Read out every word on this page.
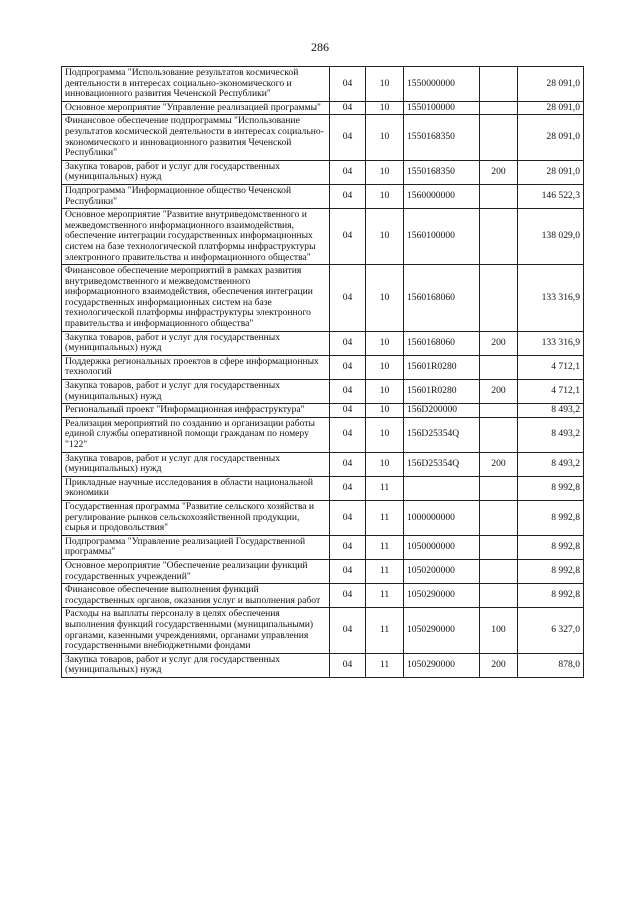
286
Подпрограмма "Использование результатов космической деятельности в интересах социально-экономического и инновационного развития Чеченской Республики"	04	10	1550000000		28 091,0
Основное мероприятие "Управление реализацией программы"	04	10	1550100000		28 091,0
Финансовое обеспечение подпрограммы "Использование результатов космической деятельности в интересах социально-экономического и инновационного развития Чеченской Республики"	04	10	1550168350		28 091,0
Закупка товаров, работ и услуг для государственных (муниципальных) нужд	04	10	1550168350	200	28 091,0
Подпрограмма "Информационное общество Чеченской Республики"	04	10	1560000000		146 522,3
Основное мероприятие "Развитие внутриведомственного и межведомственного информационного взаимодействия, обеспечение интеграции государственных информационных систем на базе технологической платформы инфраструктуры электронного правительства и информационного общества"	04	10	1560100000		138 029,0
Финансовое обеспечение мероприятий в рамках развития внутриведомственного и межведомственного информационного взаимодействия, обеспечения интеграции государственных информационных систем на базе технологической платформы инфраструктуры электронного правительства и информационного общества"	04	10	1560168060		133 316,9
Закупка товаров, работ и услуг для государственных (муниципальных) нужд	04	10	1560168060	200	133 316,9
Поддержка региональных проектов в сфере информационных технологий	04	10	15601R0280		4 712,1
Закупка товаров, работ и услуг для государственных (муниципальных) нужд	04	10	15601R0280	200	4 712,1
Региональный проект "Информационная инфраструктура"	04	10	156D200000		8 493,2
Реализация мероприятий по созданию и организации работы единой службы оперативной помощи гражданам по номеру "122"	04	10	156D25354Q		8 493,2
Закупка товаров, работ и услуг для государственных (муниципальных) нужд	04	10	156D25354Q	200	8 493,2
Прикладные научные исследования в области национальной экономики	04	11			8 992,8
Государственная программа "Развитие сельского хозяйства и регулирование рынков сельскохозяйственной продукции, сырья и продовольствия"	04	11	1000000000		8 992,8
Подпрограмма "Управление реализацией Государственной программы"	04	11	1050000000		8 992,8
Основное мероприятие "Обеспечение реализации функций государственных учреждений"	04	11	1050200000		8 992,8
Финансовое обеспечение выполнения функций государственных органов, оказания услуг и выполнения работ	04	11	1050290000		8 992,8
Расходы на выплаты персоналу в целях обеспечения выполнения функций государственными (муниципальными) органами, казенными учреждениями, органами управления государственными внебюджетными фондами	04	11	1050290000	100	6 327,0
Закупка товаров, работ и услуг для государственных (муниципальных) нужд	04	11	1050290000	200	878,0
